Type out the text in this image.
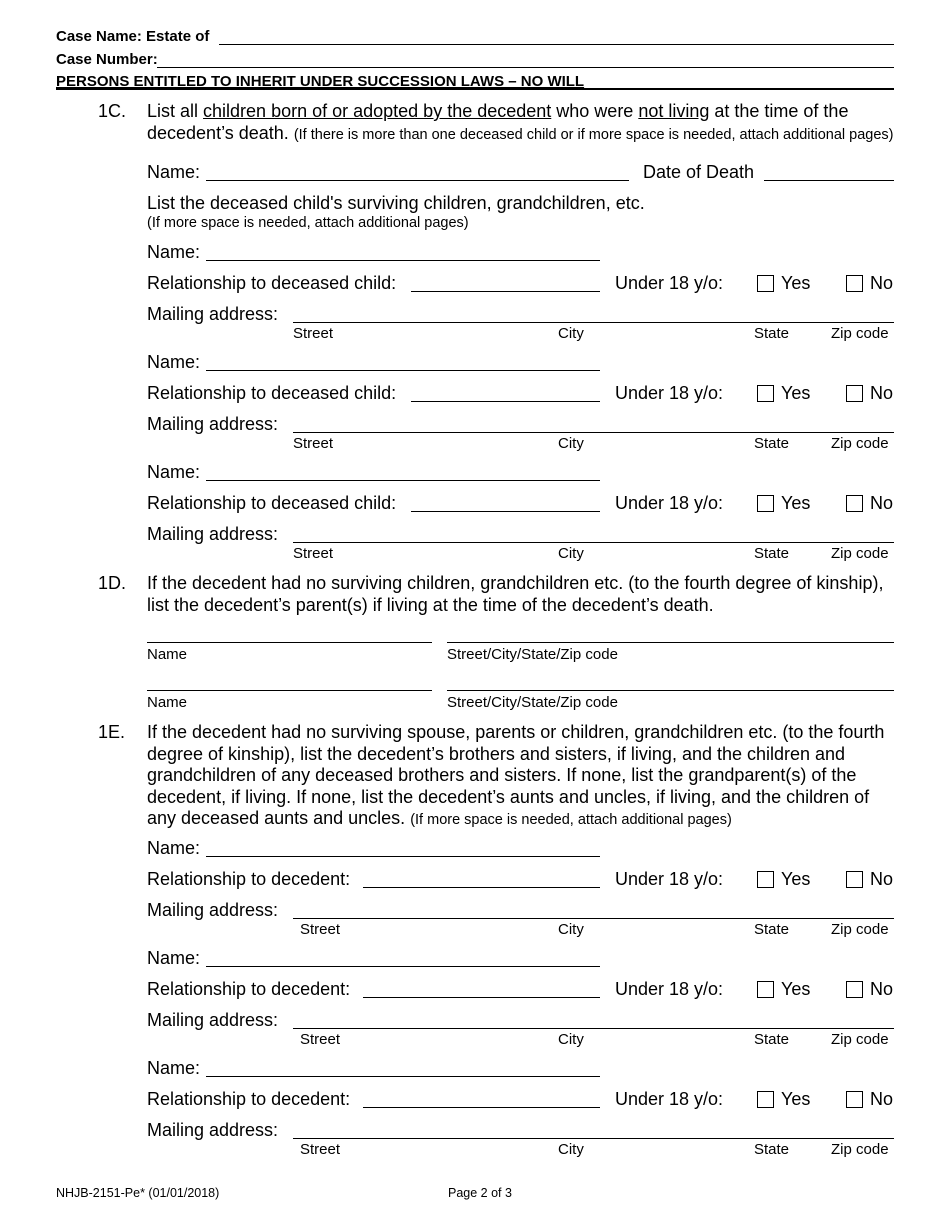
Case Name: Estate of
Case Number:
PERSONS ENTITLED TO INHERIT UNDER SUCCESSION LAWS – NO WILL
1C. List all children born of or adopted by the decedent who were not living at the time of the decedent’s death. (If there is more than one deceased child or if more space is needed, attach additional pages)
Name:	Date of Death
List the deceased child's surviving children, grandchildren, etc.
(If more space is needed, attach additional pages)
Name:
Relationship to deceased child:	Under 18 y/o:	Yes	No
Mailing address:
Street	City	State	Zip code
Name:
Relationship to deceased child:	Under 18 y/o:	Yes	No
Mailing address:
Street	City	State	Zip code
Name:
Relationship to deceased child:	Under 18 y/o:	Yes	No
Mailing address:
Street	City	State	Zip code
1D. If the decedent had no surviving children, grandchildren etc. (to the fourth degree of kinship), list the decedent’s parent(s) if living at the time of the decedent’s death.
Name	Street/City/State/Zip code
Name	Street/City/State/Zip code
1E. If the decedent had no surviving spouse, parents or children, grandchildren etc. (to the fourth degree of kinship), list the decedent’s brothers and sisters, if living, and the children and grandchildren of any deceased brothers and sisters. If none, list the grandparent(s) of the decedent, if living. If none, list the decedent’s aunts and uncles, if living, and the children of any deceased aunts and uncles. (If more space is needed, attach additional pages)
Name:
Relationship to decedent:	Under 18 y/o:	Yes	No
Mailing address:
Street	City	State	Zip code
Name:
Relationship to decedent:	Under 18 y/o:	Yes	No
Mailing address:
Street	City	State	Zip code
Name:
Relationship to decedent:	Under 18 y/o:	Yes	No
Mailing address:
Street	City	State	Zip code
NHJB-2151-Pe* (01/01/2018)	Page 2 of 3
